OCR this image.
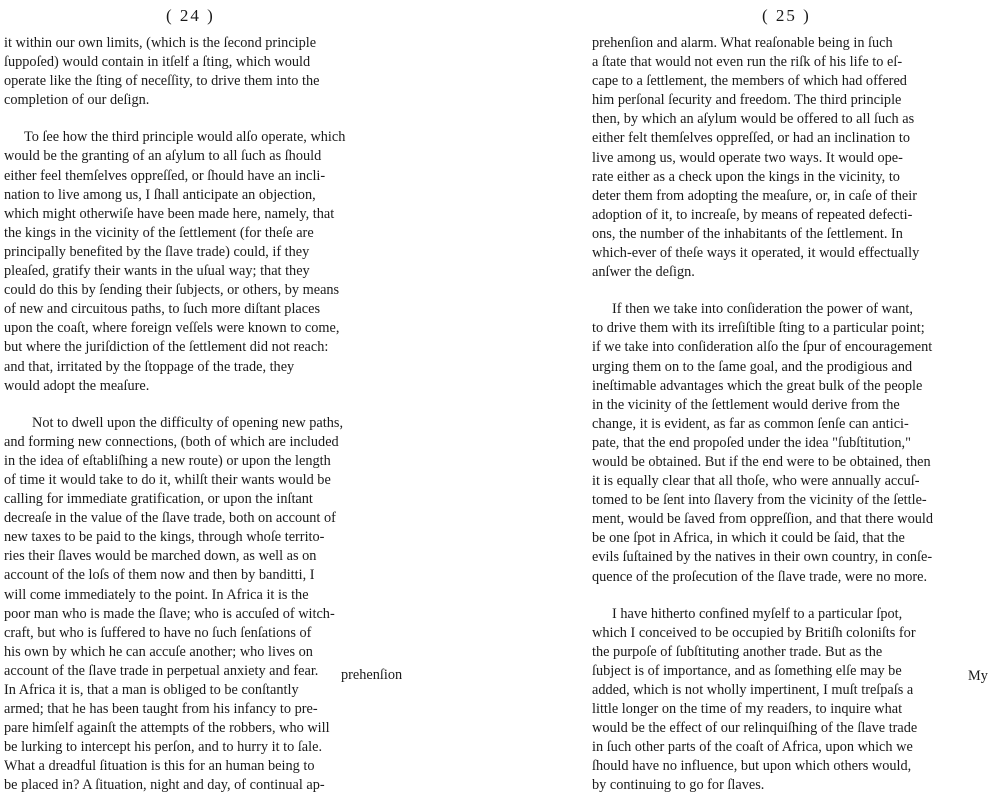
( 24 )

it within our own limits, (which is the ſecond principle
ſuppoſed) would contain in itſelf a ſting, which would
operate like the ſting of neceſſity, to drive them into the
completion of our deſign.

To ſee how the third principle would alſo operate, which
would be the granting of an aſylum to all ſuch as ſhould
either feel themſelves oppreſſed, or ſhould have an incli-
nation to live among us, I ſhall anticipate an objection,
which might otherwiſe have been made here, namely, that
the kings in the vicinity of the ſettlement (for theſe are
principally benefited by the ſlave trade) could, if they
pleaſed, gratify their wants in the uſual way; that they
could do this by ſending their ſubjects, or others, by means
of new and circuitous paths, to ſuch more diſtant places
upon the coaſt, where foreign veſſels were known to come,
but where the juriſdiction of the ſettlement did not reach:
and that, irritated by the ſtoppage of the trade, they
would adopt the meaſure.

Not to dwell upon the difficulty of opening new paths,
and forming new connections, (both of which are included
in the idea of eſtabliſhing a new route) or upon the length
of time it would take to do it, whilſt their wants would be
calling for immediate gratification, or upon the inſtant
decreaſe in the value of the ſlave trade, both on account of
new taxes to be paid to the kings, through whoſe territo-
ries their ſlaves would be marched down, as well as on
account of the loſs of them now and then by banditti, I
will come immediately to the point. In Africa it is the
poor man who is made the ſlave; who is accuſed of witch-
craft, but who is ſuffered to have no ſuch ſenſations of
his own by which he can accuſe another; who lives on
account of the ſlave trade in perpetual anxiety and fear.
In Africa it is, that a man is obliged to be conſtantly
armed; that he has been taught from his infancy to pre-
pare himſelf againſt the attempts of the robbers, who will
be lurking to intercept his perſon, and to hurry it to ſale.
What a dreadful ſituation is this for an human being to
be placed in? A ſituation, night and day, of continual ap-

prehenſion
( 25 )

prehenſion and alarm. What reaſonable being in ſuch
a ſtate that would not even run the riſk of his life to eſ-
cape to a ſettlement, the members of which had offered
him perſonal ſecurity and freedom. The third principle
then, by which an aſylum would be offered to all ſuch as
either felt themſelves oppreſſed, or had an inclination to
live among us, would operate two ways. It would ope-
rate either as a check upon the kings in the vicinity, to
deter them from adopting the meaſure, or, in caſe of their
adoption of it, to increaſe, by means of repeated defecti-
ons, the number of the inhabitants of the ſettlement. In
which-ever of theſe ways it operated, it would effectually
anſwer the deſign.

If then we take into conſideration the power of want,
to drive them with its irreſiſtible ſting to a particular point;
if we take into conſideration alſo the ſpur of encouragement
urging them on to the ſame goal, and the prodigious and
ineſtimable advantages which the great bulk of the people
in the vicinity of the ſettlement would derive from the
change, it is evident, as far as common ſenſe can antici-
pate, that the end propoſed under the idea "ſubſtitution,"
would be obtained. But if the end were to be obtained, then
it is equally clear that all thoſe, who were annually accuſ-
tomed to be ſent into ſlavery from the vicinity of the ſettle-
ment, would be ſaved from oppreſſion, and that there would
be one ſpot in Africa, in which it could be ſaid, that the
evils ſuſtained by the natives in their own country, in conſe-
quence of the proſecution of the ſlave trade, were no more.

I have hitherto confined myſelf to a particular ſpot,
which I conceived to be occupied by Britiſh coloniſts for
the purpoſe of ſubſtituting another trade. But as the
ſubject is of importance, and as ſomething elſe may be
added, which is not wholly impertinent, I muſt treſpaſs a
little longer on the time of my readers, to inquire what
would be the effect of our relinquiſhing of the ſlave trade
in ſuch other parts of the coaſt of Africa, upon which we
ſhould have no influence, but upon which others would,
by continuing to go for ſlaves.

My
